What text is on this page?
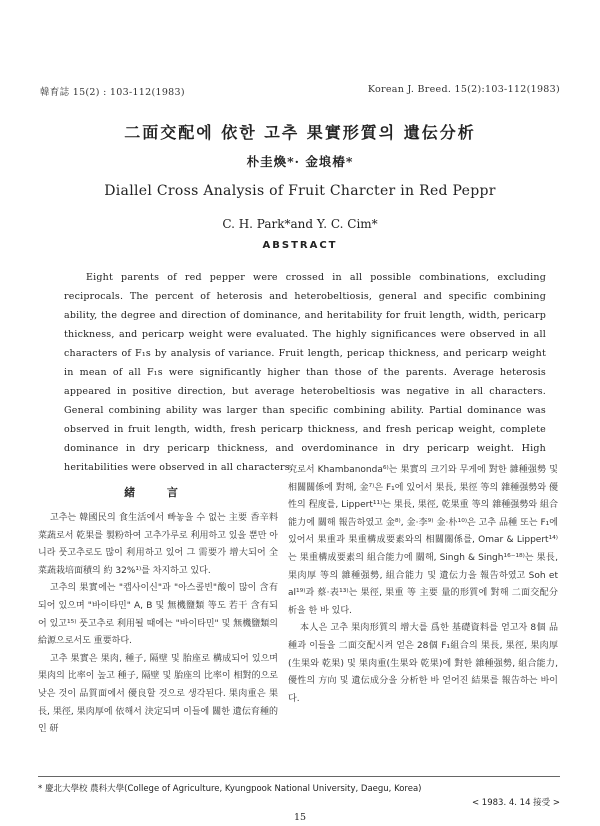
韓育誌 15(2) : 103-112(1983)	Korean J. Breed. 15(2):103-112(1983)
二面交配에 依한 고추 果實形質의 遺伝分析
朴圭煥*· 金埌椿*
Diallel Cross Analysis of Fruit Charcter in Red Peppr
C. H. Park*and Y. C. Cim*
ABSTRACT
Eight parents of red pepper were crossed in all possible combinations, excluding reciprocals. The percent of heterosis and heterobeltiosis, general and specific combining ability, the degree and direction of dominance, and heritability for fruit length, width, pericarp thickness, and pericarp weight were evaluated. The highly significances were observed in all characters of F₁s by analysis of variance. Fruit length, pericap thickness, and pericarp weight in mean of all F₁s were significantly higher than those of the parents. Average heterosis appeared in positive direction, but average heterobeltiosis was negative in all characters. General combining ability was larger than specific combining ability. Partial dominance was observed in fruit length, width, fresh pericarp thickness, and fresh pericap weight, complete dominance in dry pericarp thickness, and overdominance in dry pericarp weight. High heritabilities were observed in all characters.
緒 言

고추는 韓國民의 食生活에서 빠놓을 수 없는 主要 香辛料 菜蔬로서 乾果를 製粉하여 고추가루로 利用하고 있을 뿐만 아니라 풋고추로도 많이 利用하고 있어 그 需要가 增大되어 全 菜蔬栽培面積의 約 32%¹⁾를 차지하고 있다.

고추의 果實에는 "캡사이신"과 "아스콜빈"酸이 많이 含有되어 있으며 "바이타민" A, B 및 無機鹽類 等도 若干 含有되어 있고¹⁵⁾ 풋고추로 利用될 때에는 "바이타민" 및 無機鹽類의 給源으로서도 重要하다.

고추 果實은 果肉, 種子, 隔壁 및 胎座로 構成되어 있으며 果肉의 比率이 높고 種子, 隔壁 및 胎座의 比率이 相對的으로 낮은 것이 品質面에서 優良할 것으로 생각된다. 果肉重은 果長, 果徑, 果肉厚에 依해서 決定되며 이들에 關한 遺伝育種的인 研

究로서 Khambanonda⁶⁾는 果實의 크기와 무게에 對한 雜種强勢 및 相關關係에 對해, 金⁷⁾은 F₁에 있어서 果長, 果徑 等의 雜種强勢와 優性의 程度를, Lippert¹¹⁾는 果長, 果徑, 乾果重 等의 雜種强勢와 組合能力에 關해 報告하였고 金⁸⁾, 金·李⁹⁾ 金·朴¹⁰⁾은 고추 品種 또는 F₁에 있어서 果重과 果重構成要素와의 相關關係를, Omar & Lippert¹⁴⁾는 果重構成要素의 組合能力에 關해, Singh & Singh¹⁶⁻¹⁸⁾는 果長, 果肉厚 等의 雜種强勢, 組合能力 및 遺伝力을 報告하였고 Soh et al¹⁹⁾과 蔡·表¹³⁾는 果徑, 果重 等 主要 量的形質에 對해 二面交配分析을 한 바 있다.

本人은 고추 果肉形質의 增大를 爲한 基礎資料를 얻고자 8個 品種과 이들을 二面交配시켜 얻은 28個 F₁組合의 果長, 果徑, 果肉厚(生果와 乾果) 및 果肉重(生果와 乾果)에 對한 雜種强勢, 組合能力, 優性의 方向 및 遺伝成分을 分析한 바 얻어진 結果를 報告하는 바이다.

* 慶北大學校 農科大學(College of Agriculture, Kyungpook National University, Daegu, Korea)
< 1983. 4. 14 接受 >
15
